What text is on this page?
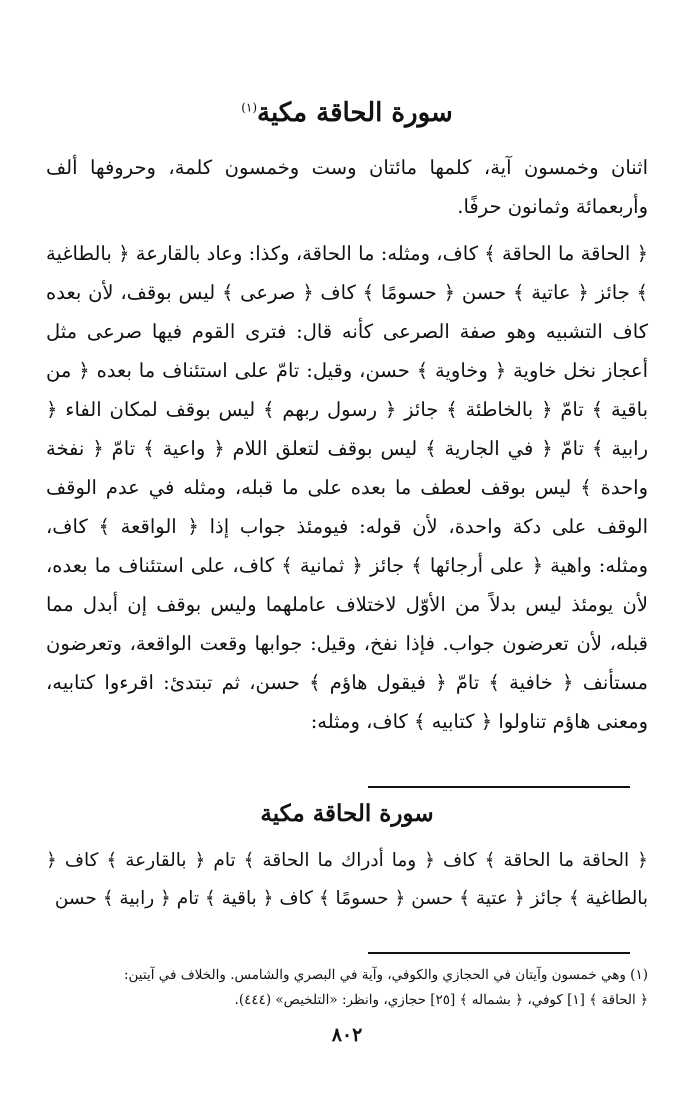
سورة الحاقة مكية$^{(١)}$

اثنان وخمسون آية، كلمها مائتان وست وخمسون كلمة، وحروفها ألف وأربعمائة وثمانون حرفًا.

﴿ الحاقة ما الحاقة ﴾ كاف، ومثله: ما الحاقة، وكذا: وعاد بالقارعة ﴿ بالطاغية ﴾ جائز ﴿ عاتية ﴾ حسن ﴿ حسومًا ﴾ كاف ﴿ صرعى ﴾ ليس بوقف، لأن بعده كاف التشبيه وهو صفة الصرعى كأنه قال: فترى القوم فيها صرعى مثل أعجاز نخل خاوية ﴿ وخاوية ﴾ حسن، وقيل: تامّ على استئناف ما بعده ﴿ من باقية ﴾ تامّ ﴿ بالخاطئة ﴾ جائز ﴿ رسول ربهم ﴾ ليس بوقف لمكان الفاء ﴿ رابية ﴾ تامّ ﴿ في الجارية ﴾ ليس بوقف لتعلق اللام ﴿ واعية ﴾ تامّ ﴿ نفخة واحدة ﴾ ليس بوقف لعطف ما بعده على ما قبله، ومثله في عدم الوقف الوقف على دكة واحدة، لأن قوله: فيومئذ جواب إذا ﴿ الواقعة ﴾ كاف، ومثله: واهية ﴿ على أرجائها ﴾ جائز ﴿ ثمانية ﴾ كاف، على استئناف ما بعده، لأن يومئذ ليس بدلاً من الأوّل لاختلاف عاملهما وليس بوقف إن أبدل مما قبله، لأن تعرضون جواب. فإذا نفخ، وقيل: جوابها وقعت الواقعة، وتعرضون مستأنف ﴿ خافية ﴾ تامّ ﴿ فيقول هاؤم ﴾ حسن، ثم تبتدئ: اقرءوا كتابيه، ومعنى هاؤم تناولوا ﴿ كتابيه ﴾ كاف، ومثله:

سورة الحاقة مكية
﴿ الحاقة ما الحاقة ﴾ كاف ﴿ وما أدراك ما الحاقة ﴾ تام ﴿ بالقارعة ﴾ كاف ﴿ بالطاغية ﴾ جائز ﴿ عتية ﴾ حسن ﴿ حسومًا ﴾ كاف ﴿ باقية ﴾ تام ﴿ رابية ﴾ حسن

(١) وهي خمسون وآيتان في الحجازي والكوفي، وآية في البصري والشامس. والخلاف في آيتين:

﴿ الحاقة ﴾ [١] كوفي، ﴿ بشماله ﴾ [٢٥] حجازي، وانظر: «التلخيص» (٤٤٤).

٨٠٢
